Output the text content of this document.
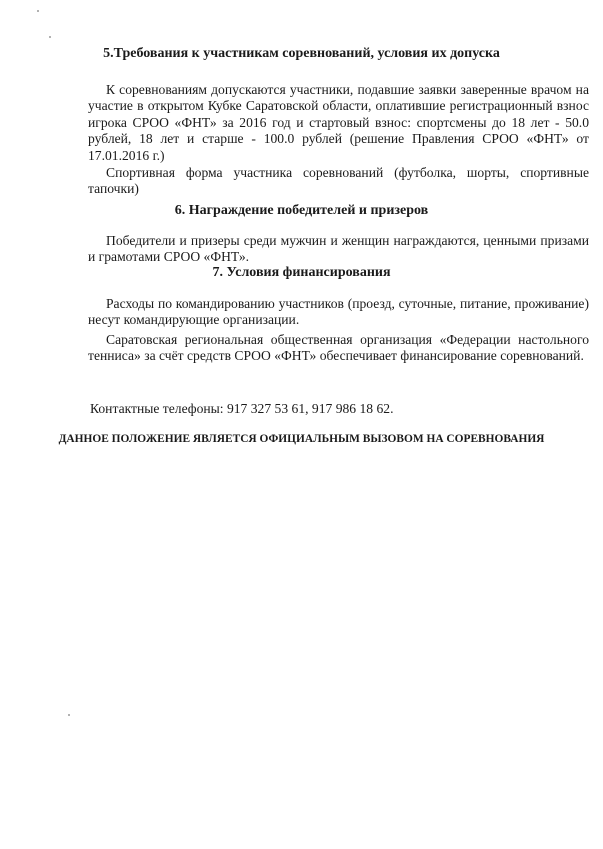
5.Требования к участникам соревнований, условия их допуска
К соревнованиям допускаются участники, подавшие заявки заверенные врачом на участие в открытом Кубке Саратовской области, оплатившие регистрационный взнос игрока СРОО «ФНТ» за 2016 год и стартовый взнос: спортсмены до 18 лет - 50.0 рублей, 18 лет и старше - 100.0 рублей (решение Правления СРОО «ФНТ» от 17.01.2016 г.)
Спортивная форма участника соревнований (футболка, шорты, спортивные тапочки)
6. Награждение победителей и призеров
Победители и призеры среди мужчин и женщин награждаются, ценными призами и грамотами СРОО «ФНТ».
7. Условия финансирования
Расходы по командированию участников (проезд, суточные, питание, проживание) несут командирующие организации.
Саратовская региональная общественная организация «Федерации настольного тенниса» за счёт средств СРОО «ФНТ» обеспечивает финансирование соревнований.
Контактные телефоны: 917 327 53 61, 917 986 18 62.
ДАННОЕ ПОЛОЖЕНИЕ ЯВЛЯЕТСЯ ОФИЦИАЛЬНЫМ ВЫЗОВОМ НА СОРЕВНОВАНИЯ
